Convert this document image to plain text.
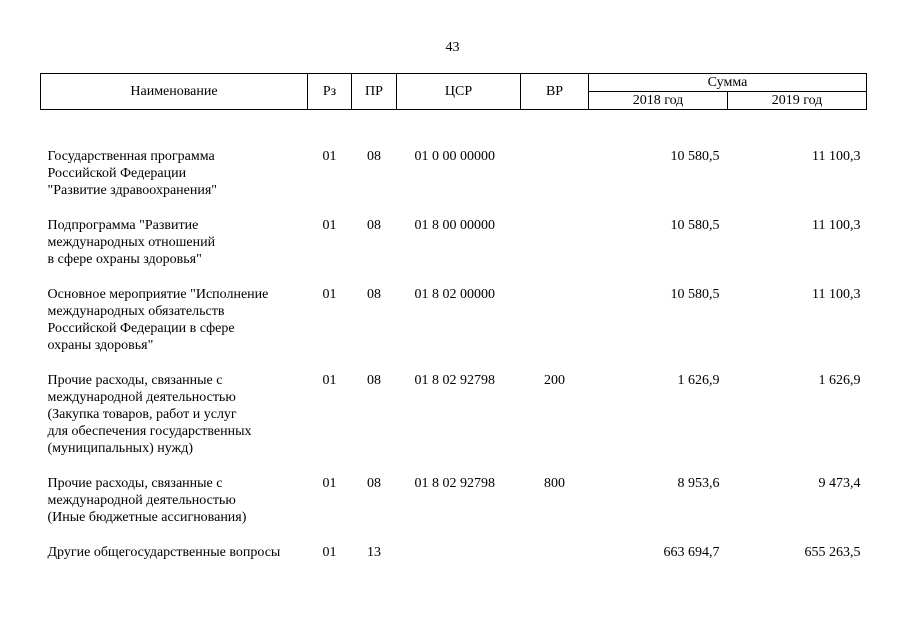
43
Наименование	Рз	ПР	ЦСР	ВР	Сумма	
					2018 год	2019 год

Государственная программа
Российской Федерации
"Развитие здравоохранения"	01	08	01 0 00 00000		10 580,5	11 100,3

Подпрограмма "Развитие
международных отношений
в сфере охраны здоровья"	01	08	01 8 00 00000		10 580,5	11 100,3

Основное мероприятие "Исполнение
международных обязательств
Российской Федерации в сфере
охраны здоровья"	01	08	01 8 02 00000		10 580,5	11 100,3

Прочие расходы, связанные с
международной деятельностью
(Закупка товаров, работ и услуг
для обеспечения государственных
(муниципальных) нужд)	01	08	01 8 02 92798	200	1 626,9	1 626,9

Прочие расходы, связанные с
международной деятельностью
(Иные бюджетные ассигнования)	01	08	01 8 02 92798	800	8 953,6	9 473,4

Другие общегосударственные вопросы	01	13			663 694,7	655 263,5
